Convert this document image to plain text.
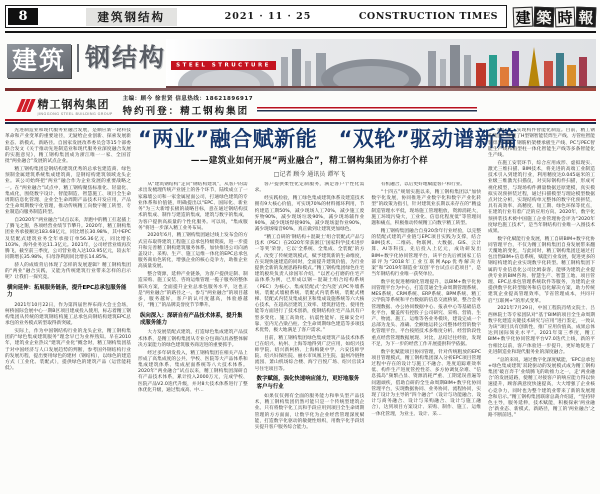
8	建筑钢结构	2021 · 11 · 25	CONSTRUCTION TIMES 建 築 時 報
建筑 钢结构 STEEL STRUCTURE
精工钢构集团
JINGGONG STEEL BUILDING GROUP
主编：顾今 徐世贤 信息热线：18621896917
特约刊登：精工钢构集团
先进制造业和现代服务业融合发展，是顺应新一轮科技革命和产业变革的重要途径，无疑给企业创新、探索发展新业态、新模式、新路径。自国家发展改革委员会等15个部委联合发文《关于推动先进制造业和现代服务业深度融合发展的实施意见》，精工钢构集团成为浙江唯一一家、全国首批“两业融合”发展的试点企业。
精工钢构集团是钢结构建筑优秀的总承包建造商、绿色预制金属建筑系统集成建筑商，是钢结构建筑领域龙头企业。该公司始终把“两业”融合作为企业发展的重要战略之一。在“两业融合”试点中，精工钢构聚焦标准化、轻量化、集成化，围绕数字设计、智能制造、智慧施工、项目全生命周期信息化管理、企业全生命周期产品技术开发应用，产品全生命周期数字化管理，推动传统精工向数字精工转型、专业制造向服务制造转型。
自2020年“两业融合”试点以来，奔跑中的精工扛起插上了腾飞之翅，各项经营业绩节节攀升。2020年，精工钢构集团业务承接额达183.68亿元，同比增长30.98%，其中EPC及装配式建筑业务全年承接订单56.36亿元，同比增长103%，海外业务达11.3亿元。2021年，公司经营业绩再次腾飞，截至前三季度，公司营业收入达103.95亿元，较去年同期增长35.98%，归母净利润同比增长14.85%。
骄人的成绩背后体现了怎样的发展逻辑？精工钢构集团的“两业”融合实践，又能为传统建筑行业带来怎样的启示呢？让我们一探究竟。
横向延伸：拓展服务链条，提升EPC总承包服务能力
2021年10月22日，作为第四届世界布商大会主会场，柯桥国际会展中心一期B区项目建成投入使用，标志着精工钢构集团从传统的建筑钢结构施工总承包向钢结构建筑EPC总承包的业务模式转型取得新突破。
实际上，作为中国钢结构行业的龙头企业，精工钢构集团的“绿色集成建筑服务”理念早已为业界熟知。早在2010年，建筑业企业热议“建筑产业化”概念时，精工钢构集团基于对中国经济与人口发展趋势的判断，参考国外钢结构行业的发展历程，提出要用绿色的建材（钢结构），以绿色的建造方式（工业化、装配式），提供绿色的建筑产品（运营能耗低）。
“两业”融合赋新能　“双轮”驱动谱新篇
——建筑业如何开展“两业融合”，精工钢构集团为你打个样
□记者 顾今 通讯员 谭军飞
从“建筑钢结构”走向“钢结构建筑”，从客户的需求出发梳理传统产业链上的各个环节，陆续成立了一家幕墙公司和一家金属屋面公司，打通绿色建筑的专业体系和价值链，明确提出以“EPC、国际化、新业务”为三大新增长极的战略目标，意在通过钢结构技术的集成、制作与建造的集成，建筑与数字的集成，为客户提供高质量的个性化服务。可以说，“集成服务”将进一步深入精工业务布局。
2020年6月，精工钢构集团通过线上发布会的方式宣布取得建筑工程施工总承包特级资质，进一步提升和完善精工钢构建筑服务体系，加快推进公司向涵盖设计、采购、生产、施工运维一体化的EPC总承包服务商角色转化，增强企业的核心竞争力，助推企业高质量发展。
整合资源，延伸产业链条，为客户提供定制、制造采购、施工安装、咨询运维管理一揽子服务的整体解决方案，全面提升企业总承包服务水平，这也正是“两业融合”的路径之一。参与“两业融合”的项目越多，服务越好，客户的认可度越高，体验感越好，“精工”的品牌美誉度节节攀升。
纵向深入：深研自有产品技术体系，提升集成服务能力
大力发展装配式建筑，打造绿色集成建筑产品技术体系，是精工钢构集团从专业分包商向具备整体解决方案能力的绿色建筑服务商迈进的重要抓手。
经过多年研发投入，精工钢构集团在相关产品上形成了高集成度的公共、学校、医院等大产品体系和集成建筑体系、集成屋面系统等八大技术体系。2020年“两业融合”试点以来，精工钢构集团深研自有产品技术体系，累计投入2000万元，完成学校、医院产品V2.0迭代升级，并对8大技术体系进行了整体优化升级，通过集成高、中…
客户提供柔性化定制服务，满足客户个性化需求。
经实践检验，精工绿色集成建筑体系及建造技术拥有9大核心价值，可实现70%的材料循环利用，节约建造工期50%，减少现场人工70%，减少施工废弃物90%，减少现场垃圾90%，减少现场辅作业90%，减少现场焊接90%，减少现场湿作业90%，减少现场噪音90%，真正做到让建筑更加绿色。
“精工自研的‘钢结构＋混凝土’组合装配式产品与技术（PSC）在2020年荣获浙江‘国家科学技术进步一等奖’荣誉，它以‘全系统、全集成、全装配’的方式，改变了传统建筑模式，赋予建筑新的生命维度，在实现快速建造的同时，全面提升建筑价值，为行业提供全新的发展思路和模式。”精工钢构集团绿色住宅建筑板块负责人徐国军介绍，“以匠心打磨的住宅产品体系为例，已形成以钢－混凝土组合结构系统（PEC）为核心、集成装配式‘全内浇’式PC外墙系统、装配式墙板系统、装配式内装系统、装配式楼梯、装配式内装及集成厨卫和集成设施系统等六大核心技术，在超高层建筑工效率、建筑舒适性、使用性能等方面进行了技术创新，使钢结构住宅产品具有户型多变化、施工高效化、抗震性能好、连廊安全可靠、室内无凸梁凸柱、全生命周期绿色建造等多项技术优势，极大地满足了客户需求。”
目前，精工钢构集团绿色集成建筑产品技术体系已在绍兴、杭州、上海等地得到广泛应用，如绍兴技师学院、绍兴新柯桥、上海梅陇中学、六安技师学院、绍兴妇保医院、丽水市凤凰卫生院、温州冷链物流园、萧山机场综合楼、海宁百悦广场、绍兴官渎3号住宅项目等。
数字赋能，强化快速响应能力，更好地服务客户与行业
如果仅仅拥有全面的服务能力和拳头型产品技术，精工钢构集团仍然可能只是一个传统型建筑企业。只有将数字化工具和手段应用到项目全生命周期管理的方方面面，让数字化为企业经营管理深度赋能，打造数字化驱动的敏捷性组织，用数字化手段切实提升客户服务综合能力。
有机融合，以后更好地赋能客户和行业。
“十四五”规划实施以来，精工钢构集团以“加快数字化发展，协同推进产业数字化和数字产业化转型”的政策为指引，针对建筑业长期以来存在的“精益制造管理水平低，现场施工管理粗放，资源消耗大，施工环境污染大，工业化、信息化程度低”等管理问题和痛点，积极推动传统精工向数字精工转型。
精工钢构集团融合自身20余年行业经验，以完整的装配式建筑产业链与EPC项目实践为支撑，结合BIM技术、二维码、物联网、大数据、GIS、云计算、AI等科技，先后投入上亿元，成功研发出BIM+数字化协同管理平台，该平台先后被国家工信部评为“2018年工业互联网App优秀解决方案”和“2019年制造业‘双创’平台试点示范项目”，是当年钢结构行业唯一获奖单位。
数字化促进精细化管理提升，以BIM+数字化协同管理平台为中心，打造贯通全生命周期管理系统、MES系统、CRM系统、ERP系统、BPM系统、精工云学院等系统和平台数据的信息交流桥梁，整合会务管理数据、办公协同数据中心、报表中心等基础信息化平台，覆盖所有控股子公司研究、采购、营销、生产、物流、施工、运维等各业务模块，建设完成一个总部为龙头、准确、全额地运转公司整体经营的数字化管理平台，平台按照技术多维度分析、经营阶段性重点经营管理数据展现、对比，总结过往经验，发现不足，为下一步的经营工作开展提供科学依据。
数字化赋能项目协同管理，针对传统粗放的EPC项目管理模式，精工钢构集团深入分析EPC项目管理过程中存在的设计与施工不融合、进度追踪难效率低、构件生产进度管控性差、多方协调复杂难、“信息孤岛”频繁凸显、资源消耗严重、工期延误普遍等问题顽疾，借助自研的全生命周期BIM+数字化协同管理平台，实现数据协同、业务协同、流程协同，实现了设计为主导的“四个融合”（设计与功能融合、设计与商务融合、设计与采购融合、设计与施工融合），达到项目方案设计、采购、制作、施工、运维一体化管理，为业主、设计、采…
缺口……实现构件智能化制造。目前，精工钢构集团已建成了H型钢智能装焊生产线、方管柱智能装焊生产线、钢筋桁架楼承板生产线、PC与PEC智能生产线和箱型柱一体化智能生产线等多条智能化生产线。
在施工安装环节，综合应用成形、虚拟现实、激光三维扫描、BIM技术，将先进的高端工业制造技术引入到建筑行业，利用精度达0.045毫米的工业级三维激光扫描仪，对实际钢构件扫描，形成可视化模型，与现场构件测量数据还原建模，真实模拟实况预拼装过程，通过扫描模型与理论模型数据点对比分析，实现结构单元整体的数字化预拼装，具有高效率、高精度、短工期、绿色环保等优点，在建筑行业有着广泛的应用方向。2020年，数字化预拼装技术被中国施工企业管理协会评为“2020年度绿色施工技术”，是当年钢结构行业唯一入围技术成果。
数字化赋能行业发展，精工自研BIM+数字化协同管理平台，不仅为精工钢构集团自身发展带来翻天覆地的变化，与此同时，精工钢构集团还通过打包出售BIM+信息系统，赋能行业发展，促进更多的钢结构建筑企业实现数字化转型。精工钢构集团下属的专业信息化公司比姆泰客，能够为建筑企业提供专业的BIM咨询、智慧生产、智慧工地、项目管理、EPC总承包管理系统软件等服务，为建筑企业提供数字化转型服务和信息化解决方案，助力传统建筑企业提高管理效率，节省管理成本，共同开启“互联网+”的形式变革。
2021年7月29日，中国工程院肖绪文院士、吕西林院士等专家团队对“基于BIM的项目全生命周期数字化建造关键技术研究与应用”进行鉴定，一致认为该“项目具有创新性，推广应用价值高，成果总体达到国际领先水平”。2021年第三季度，精工BIM+数字化协同管理平台V7.0迭代上线，新的平台相比以前，客户体验进一步提升，更好地促进了先进制造业和现代服务业的深度融合。
“总的来说，通过数字化深度赋能，‘EPC总承包+绿色集成建筑’双轮驱动的发展模式成为精工钢构集团‘破百奔千’业绩腾飞的助推力之一，走‘两业融合’的发展道路，使精工对接客户的响应能力得以快速提升，顾客满意度快速提高，大大增强了企业核心竞争力，同时也为整个建筑业带来了新的发展理念和启示。”精工钢构集团联席总裁介绍道，“坚持特色主导，服务延伸，技术赋能，积极探索‘两业融合’新业态、新模式、新路径，精工的‘两业融合’之路不断前进。”
